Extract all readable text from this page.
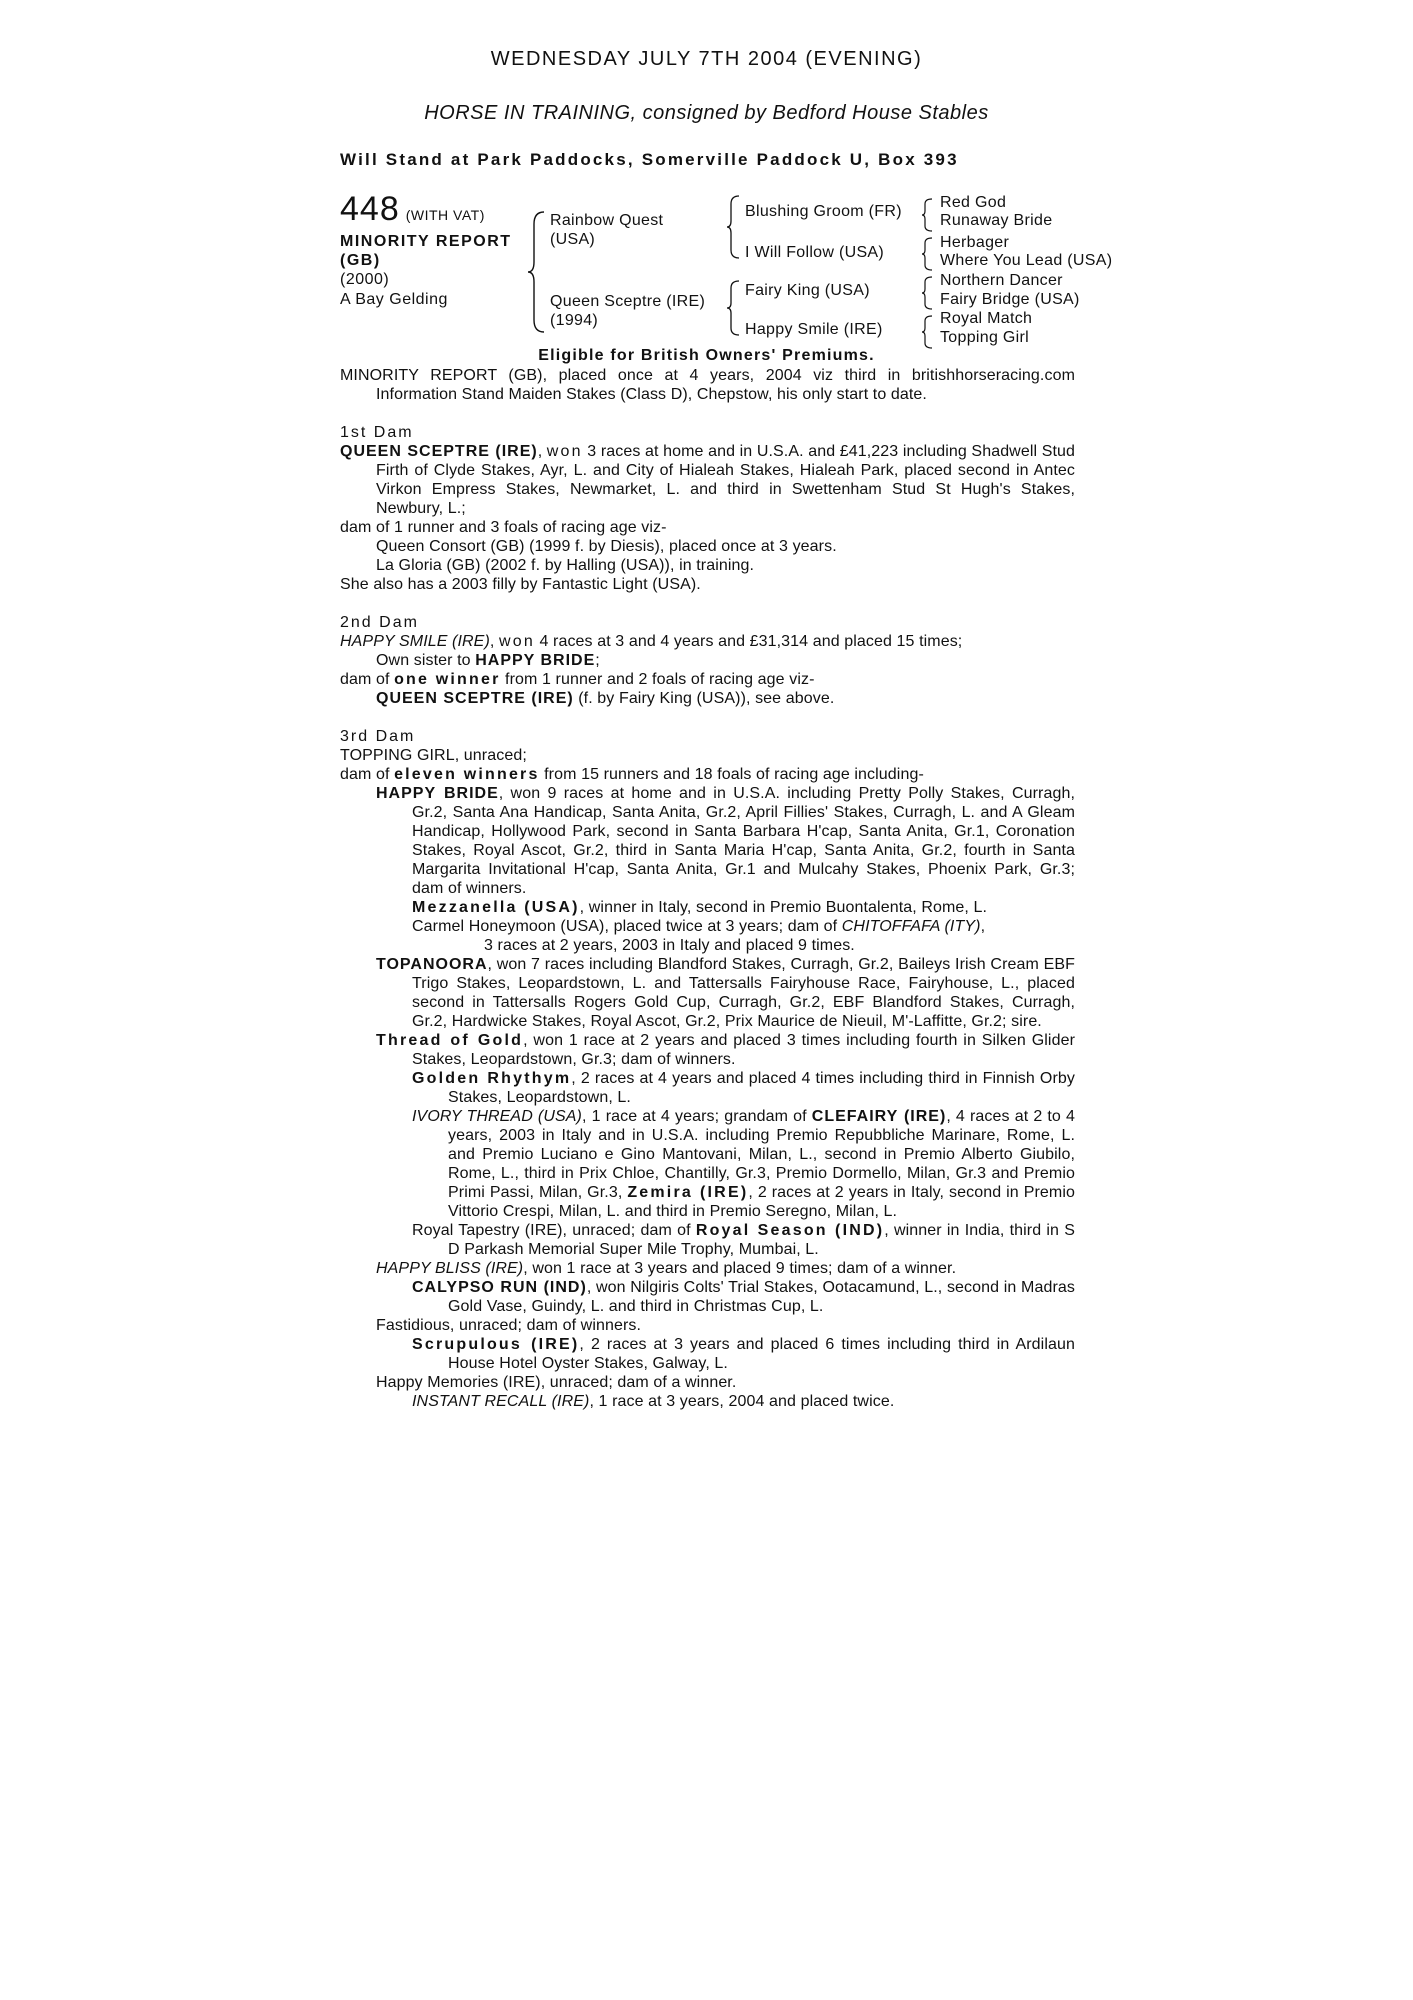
WEDNESDAY JULY 7TH 2004 (EVENING)
HORSE IN TRAINING, consigned by Bedford House Stables
Will Stand at Park Paddocks, Somerville Paddock U, Box 393
448 (WITH VAT)
MINORITY REPORT
(GB)
(2000)
A Bay Gelding
Rainbow Quest
(USA)
Queen Sceptre (IRE)
(1994)
Blushing Groom (FR)
I Will Follow (USA)
Fairy King (USA)
Happy Smile (IRE)
Red God
Runaway Bride
Herbager
Where You Lead (USA)
Northern Dancer
Fairy Bridge (USA)
Royal Match
Topping Girl
Eligible for British Owners' Premiums.

MINORITY REPORT (GB), placed once at 4 years, 2004 viz third in britishhorseracing.com Information Stand Maiden Stakes (Class D), Chepstow, his only start to date.

1st Dam

QUEEN SCEPTRE (IRE), won 3 races at home and in U.S.A. and £41,223 including Shadwell Stud Firth of Clyde Stakes, Ayr, L. and City of Hialeah Stakes, Hialeah Park, placed second in Antec Virkon Empress Stakes, Newmarket, L. and third in Swettenham Stud St Hugh's Stakes, Newbury, L.;

dam of 1 runner and 3 foals of racing age viz-

Queen Consort (GB) (1999 f. by Diesis), placed once at 3 years.

La Gloria (GB) (2002 f. by Halling (USA)), in training.

She also has a 2003 filly by Fantastic Light (USA).

2nd Dam

HAPPY SMILE (IRE), won 4 races at 3 and 4 years and £31,314 and placed 15 times;

Own sister to HAPPY BRIDE;

dam of one winner from 1 runner and 2 foals of racing age viz-

QUEEN SCEPTRE (IRE) (f. by Fairy King (USA)), see above.

3rd Dam

TOPPING GIRL, unraced;

dam of eleven winners from 15 runners and 18 foals of racing age including-

HAPPY BRIDE, won 9 races at home and in U.S.A. including Pretty Polly Stakes, Curragh, Gr.2, Santa Ana Handicap, Santa Anita, Gr.2, April Fillies' Stakes, Curragh, L. and A Gleam Handicap, Hollywood Park, second in Santa Barbara H'cap, Santa Anita, Gr.1, Coronation Stakes, Royal Ascot, Gr.2, third in Santa Maria H'cap, Santa Anita, Gr.2, fourth in Santa Margarita Invitational H'cap, Santa Anita, Gr.1 and Mulcahy Stakes, Phoenix Park, Gr.3; dam of winners.

Mezzanella (USA), winner in Italy, second in Premio Buontalenta, Rome, L.

Carmel Honeymoon (USA), placed twice at 3 years; dam of CHITOFFAFA (ITY),

3 races at 2 years, 2003 in Italy and placed 9 times.

TOPANOORA, won 7 races including Blandford Stakes, Curragh, Gr.2, Baileys Irish Cream EBF Trigo Stakes, Leopardstown, L. and Tattersalls Fairyhouse Race, Fairyhouse, L., placed second in Tattersalls Rogers Gold Cup, Curragh, Gr.2, EBF Blandford Stakes, Curragh, Gr.2, Hardwicke Stakes, Royal Ascot, Gr.2, Prix Maurice de Nieuil, M'-Laffitte, Gr.2; sire.

Thread of Gold, won 1 race at 2 years and placed 3 times including fourth in Silken Glider Stakes, Leopardstown, Gr.3; dam of winners.

Golden Rhythym, 2 races at 4 years and placed 4 times including third in Finnish Orby Stakes, Leopardstown, L.

IVORY THREAD (USA), 1 race at 4 years; grandam of CLEFAIRY (IRE), 4 races at 2 to 4 years, 2003 in Italy and in U.S.A. including Premio Repubbliche Marinare, Rome, L. and Premio Luciano e Gino Mantovani, Milan, L., second in Premio Alberto Giubilo, Rome, L., third in Prix Chloe, Chantilly, Gr.3, Premio Dormello, Milan, Gr.3 and Premio Primi Passi, Milan, Gr.3, Zemira (IRE), 2 races at 2 years in Italy, second in Premio Vittorio Crespi, Milan, L. and third in Premio Seregno, Milan, L.

Royal Tapestry (IRE), unraced; dam of Royal Season (IND), winner in India, third in S D Parkash Memorial Super Mile Trophy, Mumbai, L.

HAPPY BLISS (IRE), won 1 race at 3 years and placed 9 times; dam of a winner.

CALYPSO RUN (IND), won Nilgiris Colts' Trial Stakes, Ootacamund, L., second in Madras Gold Vase, Guindy, L. and third in Christmas Cup, L.

Fastidious, unraced; dam of winners.

Scrupulous (IRE), 2 races at 3 years and placed 6 times including third in Ardilaun House Hotel Oyster Stakes, Galway, L.

Happy Memories (IRE), unraced; dam of a winner.

INSTANT RECALL (IRE), 1 race at 3 years, 2004 and placed twice.
